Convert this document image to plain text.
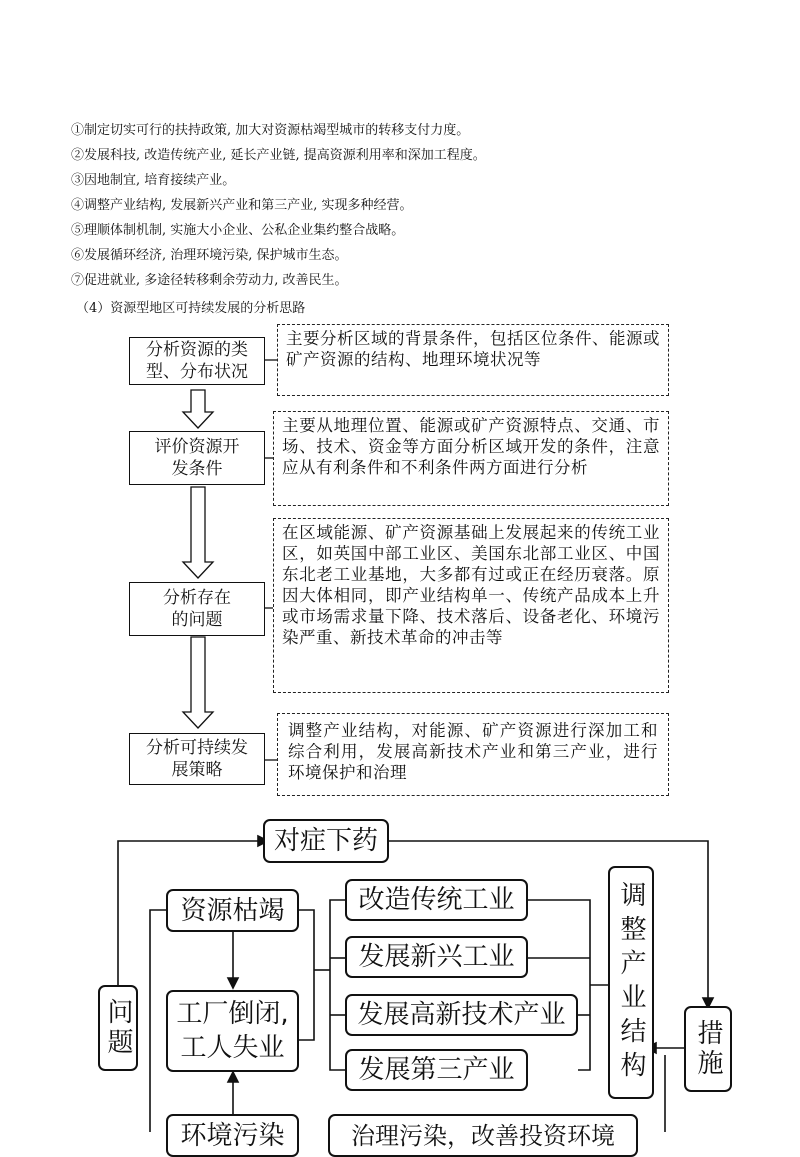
①制定切实可行的扶持政策, 加大对资源枯竭型城市的转移支付力度。
②发展科技, 改造传统产业, 延长产业链, 提高资源利用率和深加工程度。
③因地制宜, 培育接续产业。
④调整产业结构, 发展新兴产业和第三产业, 实现多种经营。
⑤理顺体制机制, 实施大小企业、公私企业集约整合战略。
⑥发展循环经济, 治理环境污染, 保护城市生态。
⑦促进就业, 多途径转移剩余劳动力, 改善民生。
（4）资源型地区可持续发展的分析思路
分析资源的类型、分布状况
主要分析区域的背景条件，包括区位条件、能源或矿产资源的结构、地理环境状况等
评价资源开发条件
主要从地理位置、能源或矿产资源特点、交通、市场、技术、资金等方面分析区域开发的条件，注意应从有利条件和不利条件两方面进行分析
分析存在的问题
在区域能源、矿产资源基础上发展起来的传统工业区，如英国中部工业区、美国东北部工业区、中国东北老工业基地，大多都有过或正在经历衰落。原因大体相同，即产业结构单一、传统产品成本上升或市场需求量下降、技术落后、设备老化、环境污染严重、新技术革命的冲击等
分析可持续发展策略
调整产业结构，对能源、矿产资源进行深加工和综合利用，发展高新技术产业和第三产业，进行环境保护和治理
对症下药
问题	措施
资源枯竭
工厂倒闭, 工人失业
环境污染
调整产业结构
改造传统工业
发展新兴工业
发展高新技术产业
发展第三产业
治理污染，改善投资环境
